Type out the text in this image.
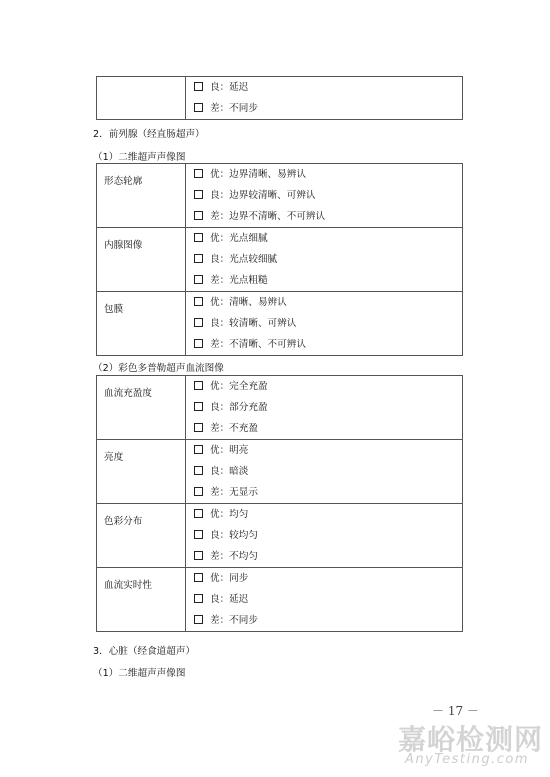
良：延迟
差：不同步
2．前列腺（经直肠超声）
（1）二维超声声像图
形态轮廓	优：边界清晰、易辨认
良：边界较清晰、可辨认
差：边界不清晰、不可辨认

内腺图像	优：光点细腻
良：光点较细腻
差：光点粗糙

包膜	优：清晰、易辨认
良：较清晰、可辨认
差：不清晰、不可辨认
（2）彩色多普勒超声血流图像
血流充盈度	优：完全充盈
良：部分充盈
差：不充盈

亮度	优：明亮
良：暗淡
差：无显示

色彩分布	优：均匀
良：较均匀
差：不均匀

血流实时性	优：同步
良：延迟
差：不同步
3．心脏（经食道超声）
（1）二维超声声像图
－ 17 －
嘉峪检测网
AnyTesting.com
